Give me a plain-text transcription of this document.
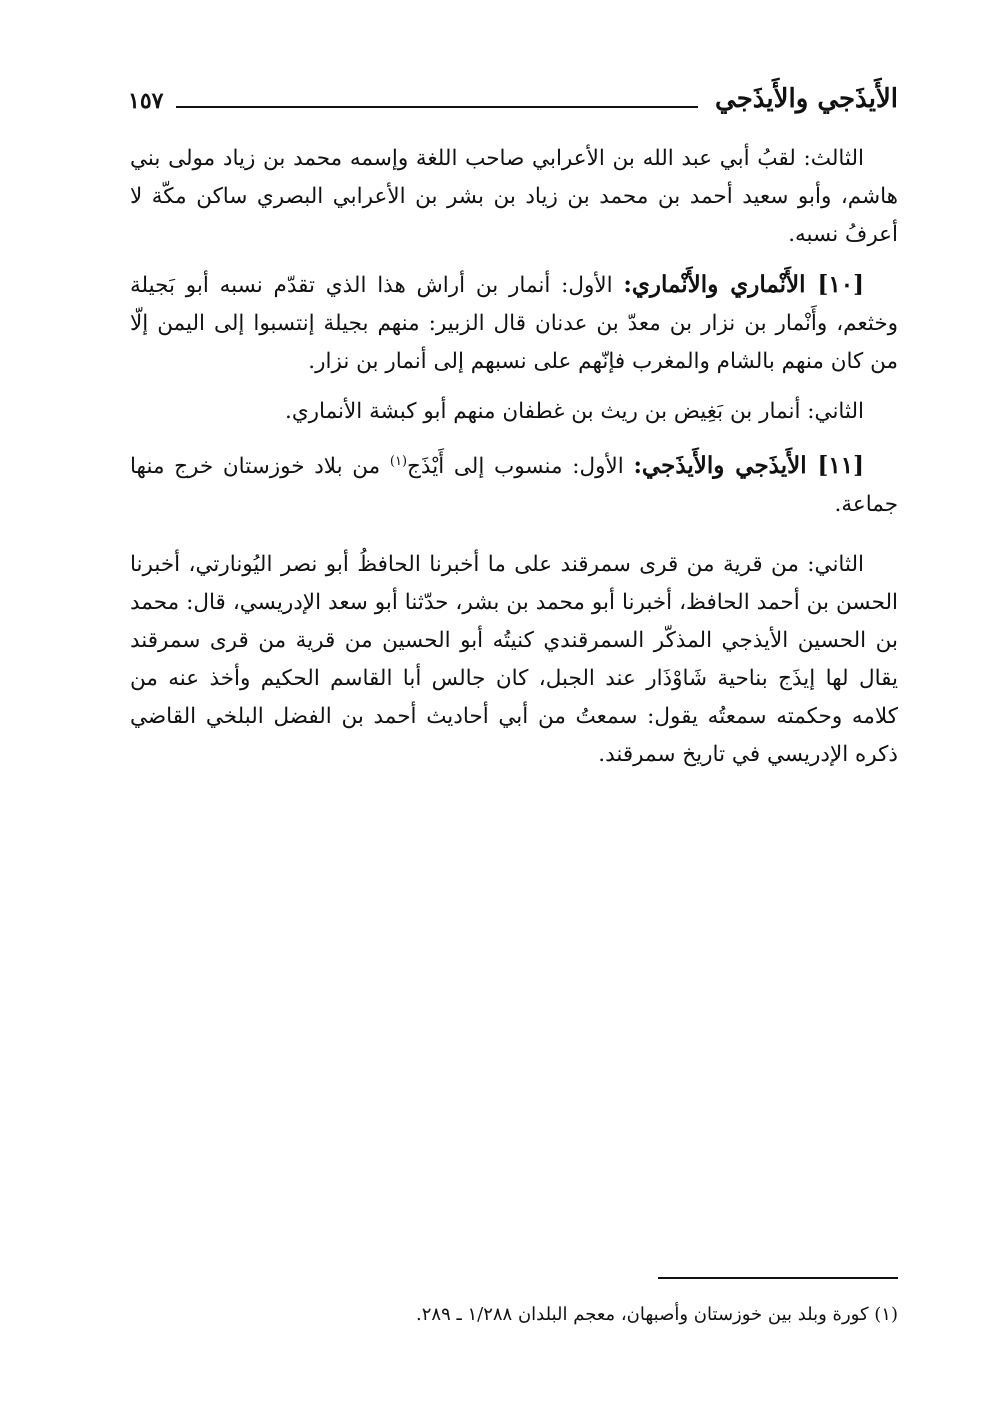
الأَيذَجي والأَيذَجي
١٥٧

الثالث: لقبُ أبي عبد الله بن الأعرابي صاحب اللغة وإسمه محمد بن زياد مولى بني هاشم، وأبو سعيد أحمد بن محمد بن زياد بن بشر بن الأعرابي البصري ساكن مكّة لا أعرفُ نسبه.

[١٠] الأَنْماري والأَنْماري: الأول: أنمار بن أراش هذا الذي تقدّم نسبه أبو بَجيلة وخثعم، وأَنْمار بن نزار بن معدّ بن عدنان قال الزبير: منهم بجيلة إنتسبوا إلى اليمن إلّا من كان منهم بالشام والمغرب فإنّهم على نسبهم إلى أنمار بن نزار.

الثاني: أنمار بن بَغِيض بن ريث بن غطفان منهم أبو كبشة الأنماري.

[١١] الأَيذَجي والأَيذَجي: الأول: منسوب إلى أَيْذَج$^{(١)}$ من بلاد خوزستان خرج منها جماعة.

الثاني: من قرية من قرى سمرقند على ما أخبرنا الحافظُ أبو نصر اليُونارتي، أخبرنا الحسن بن أحمد الحافظ، أخبرنا أبو محمد بن بشر، حدّثنا أبو سعد الإدريسي، قال: محمد بن الحسين الأيذجي المذكّر السمرقندي كنيتُه أبو الحسين من قرية من قرى سمرقند يقال لها إيذَج بناحية شَاوْذَار عند الجبل، كان جالس أبا القاسم الحكيم وأخذ عنه من كلامه وحكمته سمعتُه يقول: سمعتُ من أبي أحاديث أحمد بن الفضل البلخي القاضي ذكره الإدريسي في تاريخ سمرقند.

(١) كورة وبلد بين خوزستان وأصبهان، معجم البلدان ١/٢٨٨ ـ ٢٨٩.
